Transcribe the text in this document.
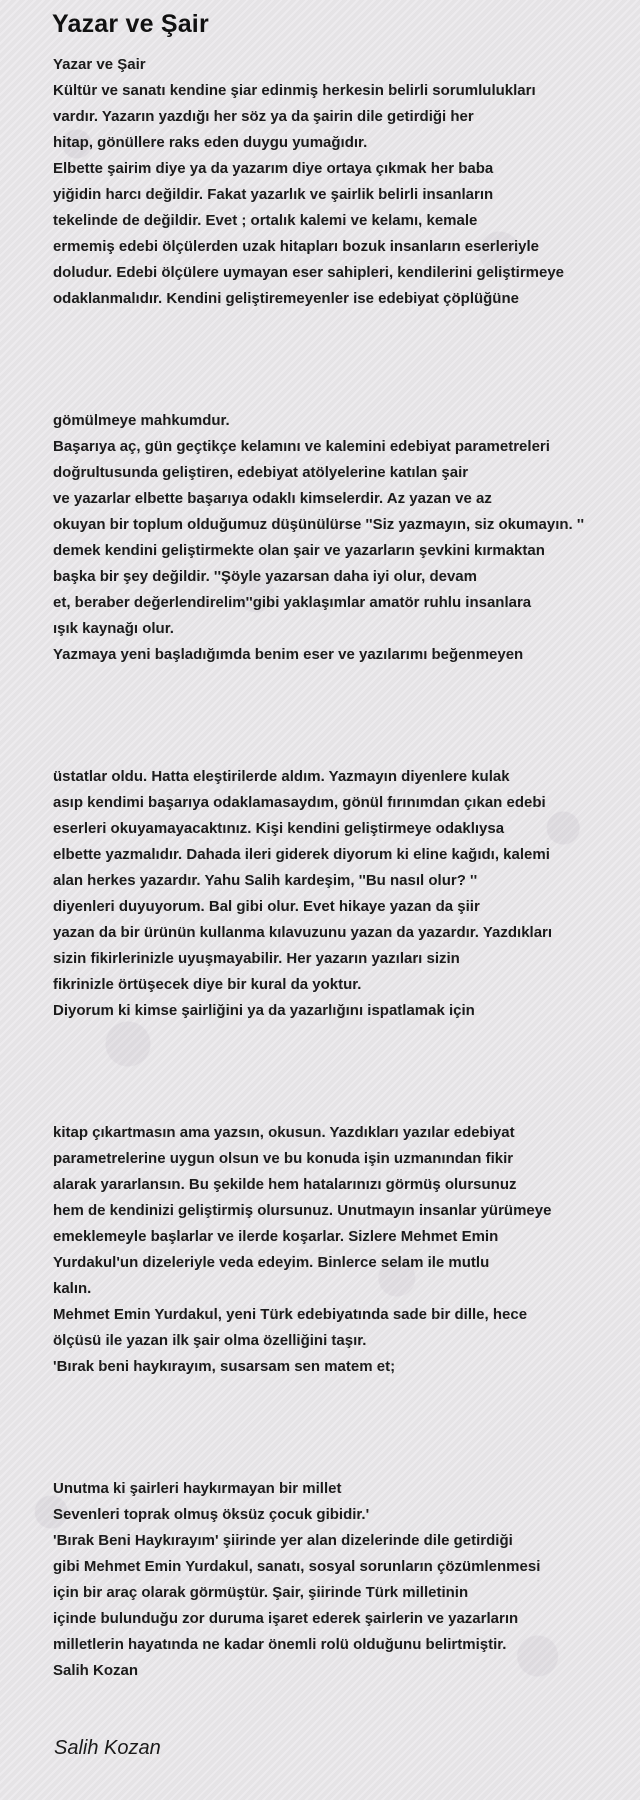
Yazar ve Şair
Yazar ve Şair
Kültür ve sanatı kendine şiar edinmiş herkesin belirli sorumlulukları
vardır. Yazarın yazdığı her söz ya da şairin dile getirdiği her
hitap, gönüllere raks eden duygu yumağıdır.
Elbette şairim diye ya da yazarım diye ortaya çıkmak her baba
yiğidin harcı değildir. Fakat yazarlık ve şairlik belirli insanların
tekelinde de değildir. Evet ; ortalık kalemi ve kelamı, kemale
ermemiş edebi ölçülerden uzak hitapları bozuk insanların eserleriyle
doludur. Edebi ölçülere uymayan eser sahipleri, kendilerini geliştirmeye
odaklanmalıdır. Kendini geliştiremeyenler ise edebiyat çöplüğüne
gömülmeye mahkumdur.
Başarıya aç, gün geçtikçe kelamını ve kalemini edebiyat parametreleri
doğrultusunda geliştiren, edebiyat atölyelerine katılan şair
ve yazarlar elbette başarıya odaklı kimselerdir. Az yazan ve az
okuyan bir toplum olduğumuz düşünülürse ''Siz yazmayın, siz okumayın. ''
demek kendini geliştirmekte olan şair ve yazarların şevkini kırmaktan
başka bir şey değildir. ''Şöyle yazarsan daha iyi olur, devam
et, beraber değerlendirelim''gibi yaklaşımlar amatör ruhlu insanlara
ışık kaynağı olur.
Yazmaya yeni başladığımda benim eser ve yazılarımı beğenmeyen
üstatlar oldu. Hatta eleştirilerde aldım. Yazmayın diyenlere kulak
asıp kendimi başarıya odaklamasaydım, gönül fırınımdan çıkan edebi
eserleri okuyamayacaktınız. Kişi kendini geliştirmeye odaklıysa
elbette yazmalıdır. Dahada ileri giderek diyorum ki eline kağıdı, kalemi
alan herkes yazardır. Yahu Salih kardeşim, ''Bu nasıl olur? ''
diyenleri duyuyorum. Bal gibi olur. Evet hikaye yazan da şiir
yazan da bir ürünün kullanma kılavuzunu yazan da yazardır. Yazdıkları
sizin fikirlerinizle uyuşmayabilir. Her yazarın yazıları sizin
fikrinizle örtüşecek diye bir kural da yoktur.
Diyorum ki kimse şairliğini ya da yazarlığını ispatlamak için
kitap çıkartmasın ama yazsın, okusun. Yazdıkları yazılar edebiyat
parametrelerine uygun olsun ve bu konuda işin uzmanından fikir
alarak yararlansın. Bu şekilde hem hatalarınızı görmüş olursunuz
hem de kendinizi geliştirmiş olursunuz. Unutmayın insanlar yürümeye
emeklemeyle başlarlar ve ilerde koşarlar. Sizlere Mehmet Emin
Yurdakul'un dizeleriyle veda edeyim. Binlerce selam ile mutlu
kalın.
Mehmet Emin Yurdakul, yeni Türk edebiyatında sade bir dille, hece
ölçüsü ile yazan ilk şair olma özelliğini taşır.
'Bırak beni haykırayım, susarsam sen matem et;
Unutma ki şairleri haykırmayan bir millet
Sevenleri toprak olmuş öksüz çocuk gibidir.'
'Bırak Beni Haykırayım' şiirinde yer alan dizelerinde dile getirdiği
gibi Mehmet Emin Yurdakul, sanatı, sosyal sorunların çözümlenmesi
için bir araç olarak görmüştür. Şair, şiirinde Türk milletinin
içinde bulunduğu zor duruma işaret ederek şairlerin ve yazarların
milletlerin hayatında ne kadar önemli rolü olduğunu belirtmiştir.
Salih Kozan
Salih Kozan
